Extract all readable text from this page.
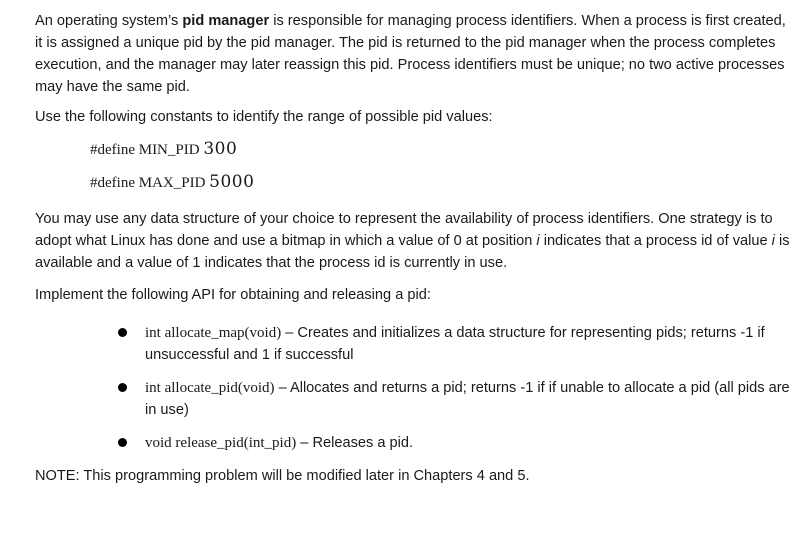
An operating system’s pid manager is responsible for managing process identifiers. When a process is first created, it is assigned a unique pid by the pid manager. The pid is returned to the pid manager when the process completes execution, and the manager may later reassign this pid. Process identifiers must be unique; no two active processes may have the same pid.

Use the following constants to identify the range of possible pid values:

#define MIN_PID 300
#define MAX_PID 5000

You may use any data structure of your choice to represent the availability of process identifiers. One strategy is to adopt what Linux has done and use a bitmap in which a value of 0 at position i indicates that a process id of value i is available and a value of 1 indicates that the process id is currently in use.

Implement the following API for obtaining and releasing a pid:

int allocate_map(void) – Creates and initializes a data structure for representing pids; returns -1 if unsuccessful and 1 if successful
int allocate_pid(void) – Allocates and returns a pid; returns -1 if if unable to allocate a pid (all pids are in use)
void release_pid(int_pid) – Releases a pid.

NOTE: This programming problem will be modified later in Chapters 4 and 5.
